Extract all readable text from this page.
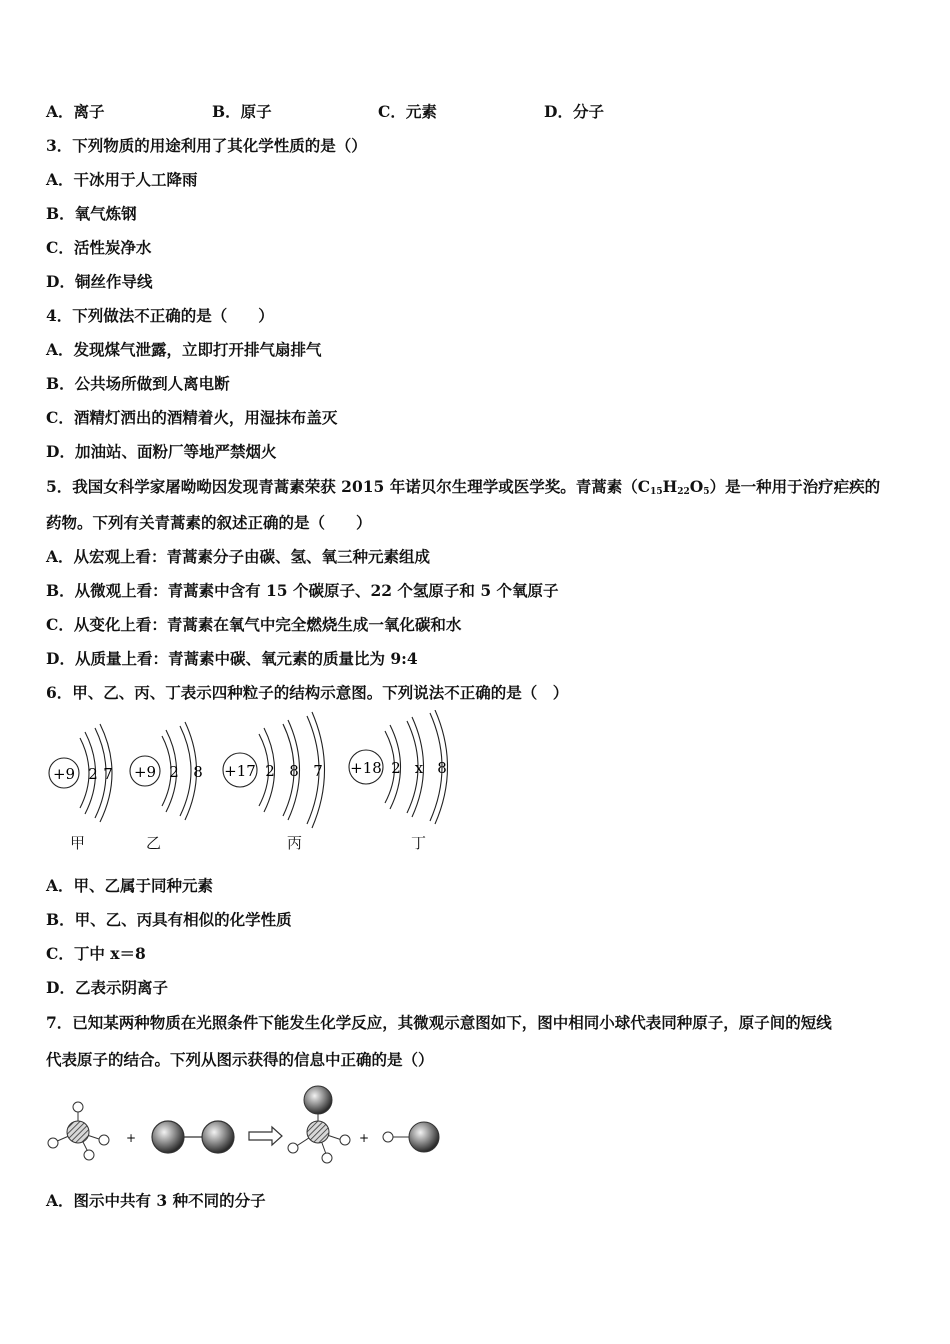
A．离子	B．原子	C．元素	D．分子
3．下列物质的用途利用了其化学性质的是（）
A．干冰用于人工降雨
B．氧气炼钢
C．活性炭净水
D．铜丝作导线
4．下列做法不正确的是（　　）
A．发现煤气泄露，立即打开排气扇排气
B．公共场所做到人离电断
C．酒精灯洒出的酒精着火，用湿抹布盖灭
D．加油站、面粉厂等地严禁烟火
5．我国女科学家屠呦呦因发现青蒿素荣获 2015 年诺贝尔生理学或医学奖。青蒿素$(C_{15}H_{22}O_5)$是一种用于治疗疟疾的
药物。下列有关青蒿素的叙述正确的是（　　）
A．从宏观上看：青蒿素分子由碳、氢、氧三种元素组成
B．从微观上看：青蒿素中含有 15 个碳原子、22 个氢原子和 5 个氧原子
C．从变化上看：青蒿素在氧气中完全燃烧生成一氧化碳和水
D．从质量上看：青蒿素中碳、氧元素的质量比为 9:4
6．甲、乙、丙、丁表示四种粒子的结构示意图。下列说法不正确的是（　）
+9 2 7 +9 2 8 +17 2 8 7 +18 2 x 8
甲	乙	丙	丁
A．甲、乙属于同种元素
B．甲、乙、丙具有相似的化学性质
C．丁中 x＝8
D．乙表示阴离子
7．已知某两种物质在光照条件下能发生化学反应，其微观示意图如下，图中相同小球代表同种原子，原子间的短线
代表原子的结合。下列从图示获得的信息中正确的是（）
+	+
A．图示中共有 3 种不同的分子
